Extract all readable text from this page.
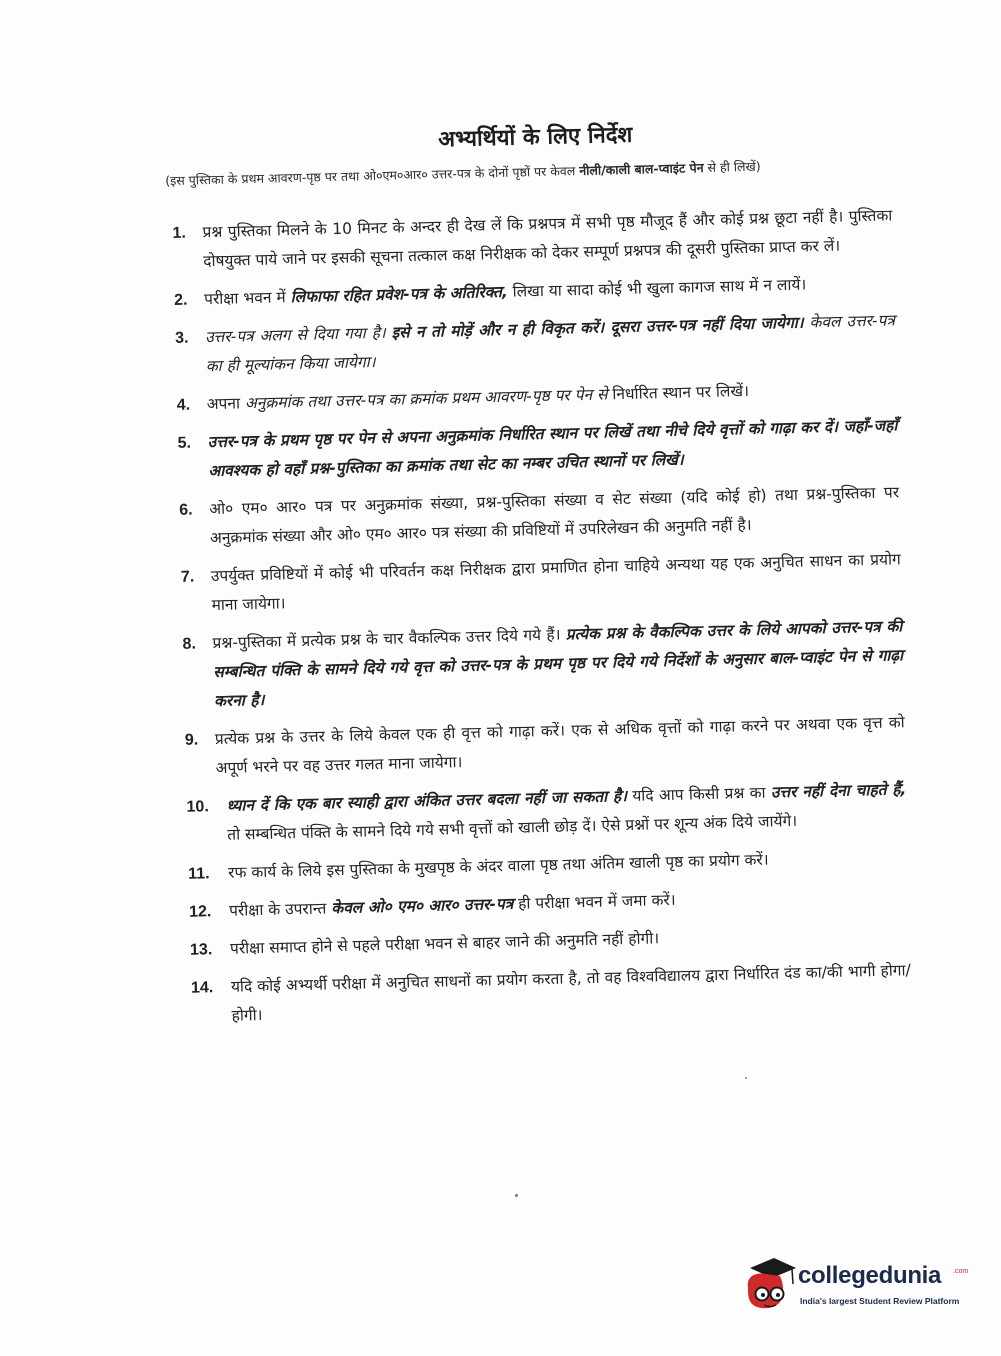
अभ्यर्थियों के लिए निर्देश
(इस पुस्तिका के प्रथम आवरण-पृष्ठ पर तथा ओ०एम०आर० उत्तर-पत्र के दोनों पृष्ठों पर केवल नीली/काली बाल-प्वाइंट पेन से ही लिखें)
1.	प्रश्न पुस्तिका मिलने के 10 मिनट के अन्दर ही देख लें कि प्रश्नपत्र में सभी पृष्ठ मौजूद हैं और कोई प्रश्न छूटा नहीं है। पुस्तिका दोषयुक्त पाये जाने पर इसकी सूचना तत्काल कक्ष निरीक्षक को देकर सम्पूर्ण प्रश्नपत्र की दूसरी पुस्तिका प्राप्त कर लें।
2.	परीक्षा भवन में लिफाफा रहित प्रवेश-पत्र के अतिरिक्त, लिखा या सादा कोई भी खुला कागज साथ में न लायें।
3.	उत्तर-पत्र अलग से दिया गया है। इसे न तो मोड़ें और न ही विकृत करें। दूसरा उत्तर-पत्र नहीं दिया जायेगा। केवल उत्तर-पत्र का ही मूल्यांकन किया जायेगा।
4.	अपना अनुक्रमांक तथा उत्तर-पत्र का क्रमांक प्रथम आवरण-पृष्ठ पर पेन से निर्धारित स्थान पर लिखें।
5.	उत्तर-पत्र के प्रथम पृष्ठ पर पेन से अपना अनुक्रमांक निर्धारित स्थान पर लिखें तथा नीचे दिये वृत्तों को गाढ़ा कर दें। जहाँ-जहाँ आवश्यक हो वहाँ प्रश्न-पुस्तिका का क्रमांक तथा सेट का नम्बर उचित स्थानों पर लिखें।
6.	ओ० एम० आर० पत्र पर अनुक्रमांक संख्या, प्रश्न-पुस्तिका संख्या व सेट संख्या (यदि कोई हो) तथा प्रश्न-पुस्तिका पर अनुक्रमांक संख्या और ओ० एम० आर० पत्र संख्या की प्रविष्टियों में उपरिलेखन की अनुमति नहीं है।
7.	उपर्युक्त प्रविष्टियों में कोई भी परिवर्तन कक्ष निरीक्षक द्वारा प्रमाणित होना चाहिये अन्यथा यह एक अनुचित साधन का प्रयोग माना जायेगा।
8.	प्रश्न-पुस्तिका में प्रत्येक प्रश्न के चार वैकल्पिक उत्तर दिये गये हैं। प्रत्येक प्रश्न के वैकल्पिक उत्तर के लिये आपको उत्तर-पत्र की सम्बन्धित पंक्ति के सामने दिये गये वृत्त को उत्तर-पत्र के प्रथम पृष्ठ पर दिये गये निर्देशों के अनुसार बाल-प्वाइंट पेन से गाढ़ा करना है।
9.	प्रत्येक प्रश्न के उत्तर के लिये केवल एक ही वृत्त को गाढ़ा करें। एक से अधिक वृत्तों को गाढ़ा करने पर अथवा एक वृत्त को अपूर्ण भरने पर वह उत्तर गलत माना जायेगा।
10.	ध्यान दें कि एक बार स्याही द्वारा अंकित उत्तर बदला नहीं जा सकता है। यदि आप किसी प्रश्न का उत्तर नहीं देना चाहते हैं, तो सम्बन्धित पंक्ति के सामने दिये गये सभी वृत्तों को खाली छोड़ दें। ऐसे प्रश्नों पर शून्य अंक दिये जायेंगे।
11.	रफ कार्य के लिये इस पुस्तिका के मुखपृष्ठ के अंदर वाला पृष्ठ तथा अंतिम खाली पृष्ठ का प्रयोग करें।
12.	परीक्षा के उपरान्त केवल ओ० एम० आर० उत्तर-पत्र ही परीक्षा भवन में जमा करें।
13.	परीक्षा समाप्त होने से पहले परीक्षा भवन से बाहर जाने की अनुमति नहीं होगी।
14.	यदि कोई अभ्यर्थी परीक्षा में अनुचित साधनों का प्रयोग करता है, तो वह विश्वविद्यालय द्वारा निर्धारित दंड का/की भागी होगा/होगी।
collegedunia .com
India's largest Student Review Platform
